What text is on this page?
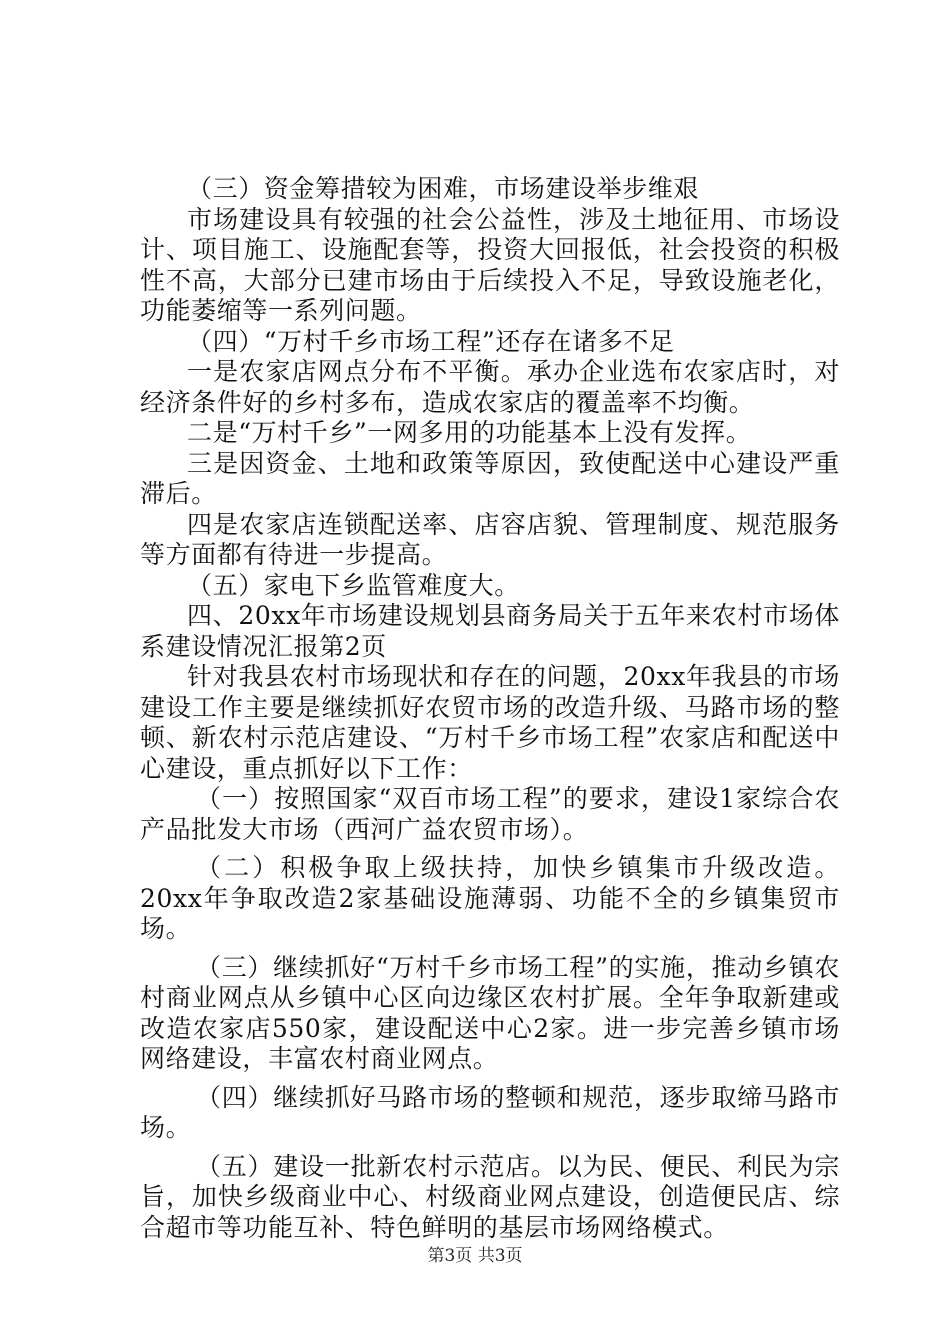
（三）资金筹措较为困难，市场建设举步维艰

市场建设具有较强的社会公益性，涉及土地征用、市场设计、项目施工、设施配套等，投资大回报低，社会投资的积极性不高，大部分已建市场由于后续投入不足，导致设施老化，功能萎缩等一系列问题。

（四）“万村千乡市场工程”还存在诸多不足

一是农家店网点分布不平衡。承办企业选布农家店时，对经济条件好的乡村多布，造成农家店的覆盖率不均衡。

二是“万村千乡”一网多用的功能基本上没有发挥。

三是因资金、土地和政策等原因，致使配送中心建设严重滞后。

四是农家店连锁配送率、店容店貌、管理制度、规范服务等方面都有待进一步提高。

（五）家电下乡监管难度大。

四、20xx年市场建设规划县商务局关于五年来农村市场体系建设情况汇报第2页

针对我县农村市场现状和存在的问题，20xx年我县的市场建设工作主要是继续抓好农贸市场的改造升级、马路市场的整顿、新农村示范店建设、“万村千乡市场工程”农家店和配送中心建设，重点抓好以下工作：

（一）按照国家“双百市场工程”的要求，建设1家综合农产品批发大市场（西河广益农贸市场）。

（二）积极争取上级扶持，加快乡镇集市升级改造。20xx年争取改造2家基础设施薄弱、功能不全的乡镇集贸市场。

（三）继续抓好“万村千乡市场工程”的实施，推动乡镇农村商业网点从乡镇中心区向边缘区农村扩展。全年争取新建或改造农家店550家，建设配送中心2家。进一步完善乡镇市场网络建设，丰富农村商业网点。

（四）继续抓好马路市场的整顿和规范，逐步取缔马路市场。

（五）建设一批新农村示范店。以为民、便民、利民为宗旨，加快乡级商业中心、村级商业网点建设，创造便民店、综合超市等功能互补、特色鲜明的基层市场网络模式。

第3页 共3页
